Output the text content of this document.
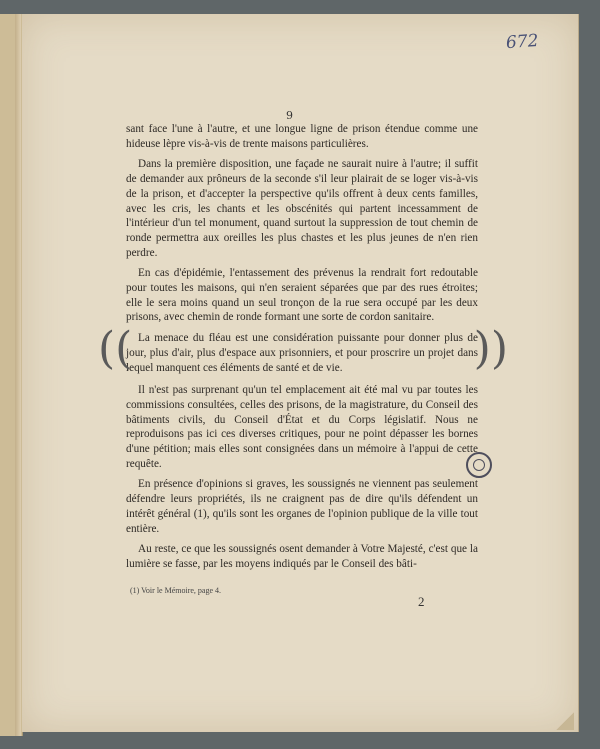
672
9

sant face l'une à l'autre, et une longue ligne de prison étendue comme une hideuse lèpre vis-à-vis de trente maisons particulières.

Dans la première disposition, une façade ne saurait nuire à l'autre; il suffit de demander aux prôneurs de la seconde s'il leur plairait de se loger vis-à-vis de la prison, et d'accepter la perspective qu'ils offrent à deux cents familles, avec les cris, les chants et les obscénités qui partent incessamment de l'intérieur d'un tel monument, quand surtout la suppression de tout chemin de ronde permettra aux oreilles les plus chastes et les plus jeunes de n'en rien perdre.

En cas d'épidémie, l'entassement des prévenus la rendrait fort redoutable pour toutes les maisons, qui n'en seraient séparées que par des rues étroites; elle le sera moins quand un seul tronçon de la rue sera occupé par les deux prisons, avec chemin de ronde formant une sorte de cordon sanitaire.

(( La menace du fléau est une considération puissante pour donner plus de jour, plus d'air, plus d'espace aux prisonniers, et pour proscrire un projet dans lequel manquent ces éléments de santé et de vie.	))

Il n'est pas surprenant qu'un tel emplacement ait été mal vu par toutes les commissions consultées, celles des prisons, de la magistrature, du Conseil des bâtiments civils, du Conseil d'État et du Corps législatif. Nous ne reproduisons pas ici ces diverses critiques, pour ne point dépasser les bornes d'une pétition; mais elles sont consignées dans un mémoire à l'appui de cette requête.

En présence d'opinions si graves, les soussignés ne viennent pas seulement défendre leurs propriétés, ils ne craignent pas de dire qu'ils défendent un intérêt général (1), qu'ils sont les organes de l'opinion publique de la ville tout entière.

Au reste, ce que les soussignés osent demander à Votre Majesté, c'est que la lumière se fasse, par les moyens indiqués par le Conseil des bâti-

(1) Voir le Mémoire, page 4.
2
